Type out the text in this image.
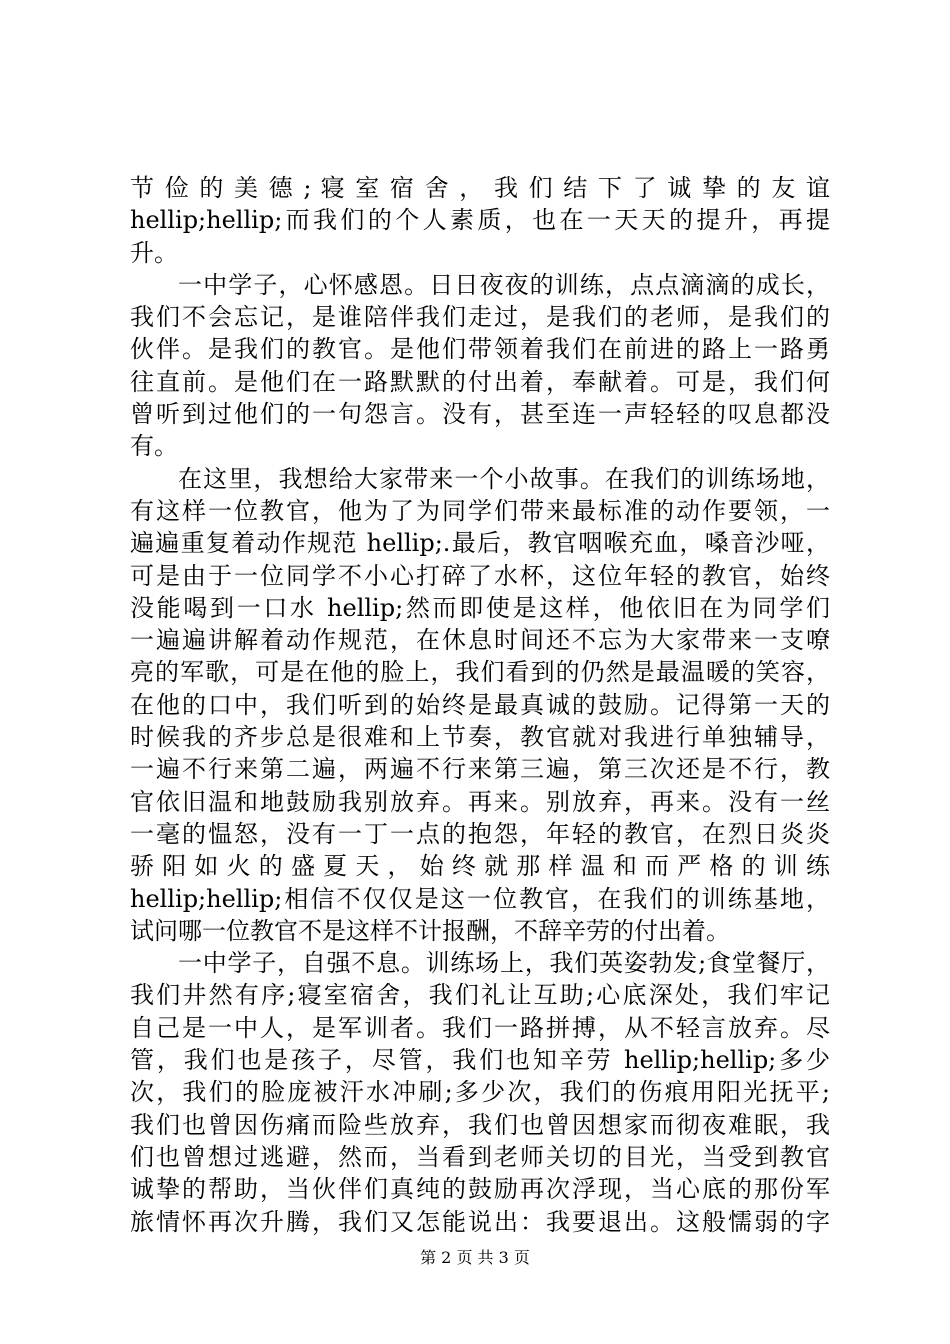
节 俭 的 美 德 ; 寝 室 宿 舍 ， 我 们 结 下 了 诚 挚 的 友 谊
hellip;hellip;而我们的个人素质，也在一天天的提升，再提
升。
一中学子，心怀感恩。日日夜夜的训练，点点滴滴的成长，
我们不会忘记，是谁陪伴我们走过，是我们的老师，是我们的
伙伴。是我们的教官。是他们带领着我们在前进的路上一路勇
往直前。是他们在一路默默的付出着，奉献着。可是，我们何
曾听到过他们的一句怨言。没有，甚至连一声轻轻的叹息都没
有。
在这里，我想给大家带来一个小故事。在我们的训练场地，
有这样一位教官，他为了为同学们带来最标准的动作要领，一
遍遍重复着动作规范 hellip;.最后，教官咽喉充血，嗓音沙哑，
可是由于一位同学不小心打碎了水杯，这位年轻的教官，始终
没能喝到一口水 hellip;然而即使是这样，他依旧在为同学们
一遍遍讲解着动作规范，在休息时间还不忘为大家带来一支嘹
亮的军歌，可是在他的脸上，我们看到的仍然是最温暖的笑容，
在他的口中，我们听到的始终是最真诚的鼓励。记得第一天的
时候我的齐步总是很难和上节奏，教官就对我进行单独辅导，
一遍不行来第二遍，两遍不行来第三遍，第三次还是不行，教
官依旧温和地鼓励我别放弃。再来。别放弃，再来。没有一丝
一毫的愠怒，没有一丁一点的抱怨，年轻的教官，在烈日炎炎
骄 阳 如 火 的 盛 夏 天 ， 始 终 就 那 样 温 和 而 严 格 的 训 练
hellip;hellip;相信不仅仅是这一位教官，在我们的训练基地，
试问哪一位教官不是这样不计报酬，不辞辛劳的付出着。
一中学子，自强不息。训练场上，我们英姿勃发;食堂餐厅，
我们井然有序;寝室宿舍，我们礼让互助;心底深处，我们牢记
自己是一中人，是军训者。我们一路拼搏，从不轻言放弃。尽
管，我们也是孩子，尽管，我们也知辛劳 hellip;hellip;多少
次，我们的脸庞被汗水冲刷;多少次，我们的伤痕用阳光抚平;
我们也曾因伤痛而险些放弃，我们也曾因想家而彻夜难眠，我
们也曾想过逃避，然而，当看到老师关切的目光，当受到教官
诚挚的帮助，当伙伴们真纯的鼓励再次浮现，当心底的那份军
旅情怀再次升腾，我们又怎能说出：我要退出。这般懦弱的字
第 2 页 共 3 页
